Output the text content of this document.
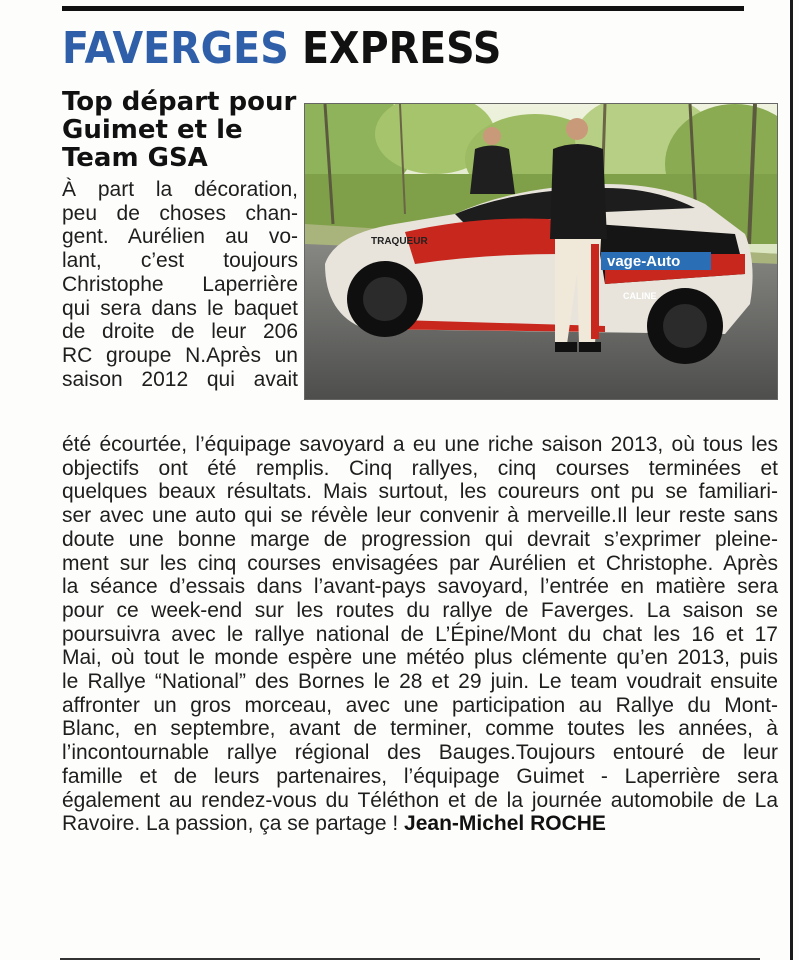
FAVERGES EXPRESS
Top départ pour
Guimet et le
Team GSA
vage-Auto
TRAQUEUR
CALINE
À part la décoration,
peu de choses chan-
gent. Aurélien au vo-
lant, c’est toujours
Christophe Laperrière
qui sera dans le baquet
de droite de leur 206
RC groupe N.Après un
saison 2012 qui avait
été écourtée, l’équipage savoyard a eu une riche saison 2013, où tous les
objectifs ont été remplis. Cinq rallyes, cinq courses terminées et
quelques beaux résultats. Mais surtout, les coureurs ont pu se familiari-
ser avec une auto qui se révèle leur convenir à merveille.Il leur reste sans
doute une bonne marge de progression qui devrait s’exprimer pleine-
ment sur les cinq courses envisagées par Aurélien et Christophe. Après
la séance d’essais dans l’avant-pays savoyard, l’entrée en matière sera
pour ce week-end sur les routes du rallye de Faverges. La saison se
poursuivra avec le rallye national de L’Épine/Mont du chat les 16 et 17
Mai, où tout le monde espère une météo plus clémente qu’en 2013, puis
le Rallye “National” des Bornes le 28 et 29 juin. Le team voudrait ensuite
affronter un gros morceau, avec une participation au Rallye du Mont-
Blanc, en septembre, avant de terminer, comme toutes les années, à
l’incontournable rallye régional des Bauges.Toujours entouré de leur
famille et de leurs partenaires, l’équipage Guimet - Laperrière sera
également au rendez-vous du Téléthon et de la journée automobile de La
Ravoire. La passion, ça se partage ! Jean-Michel ROCHE
